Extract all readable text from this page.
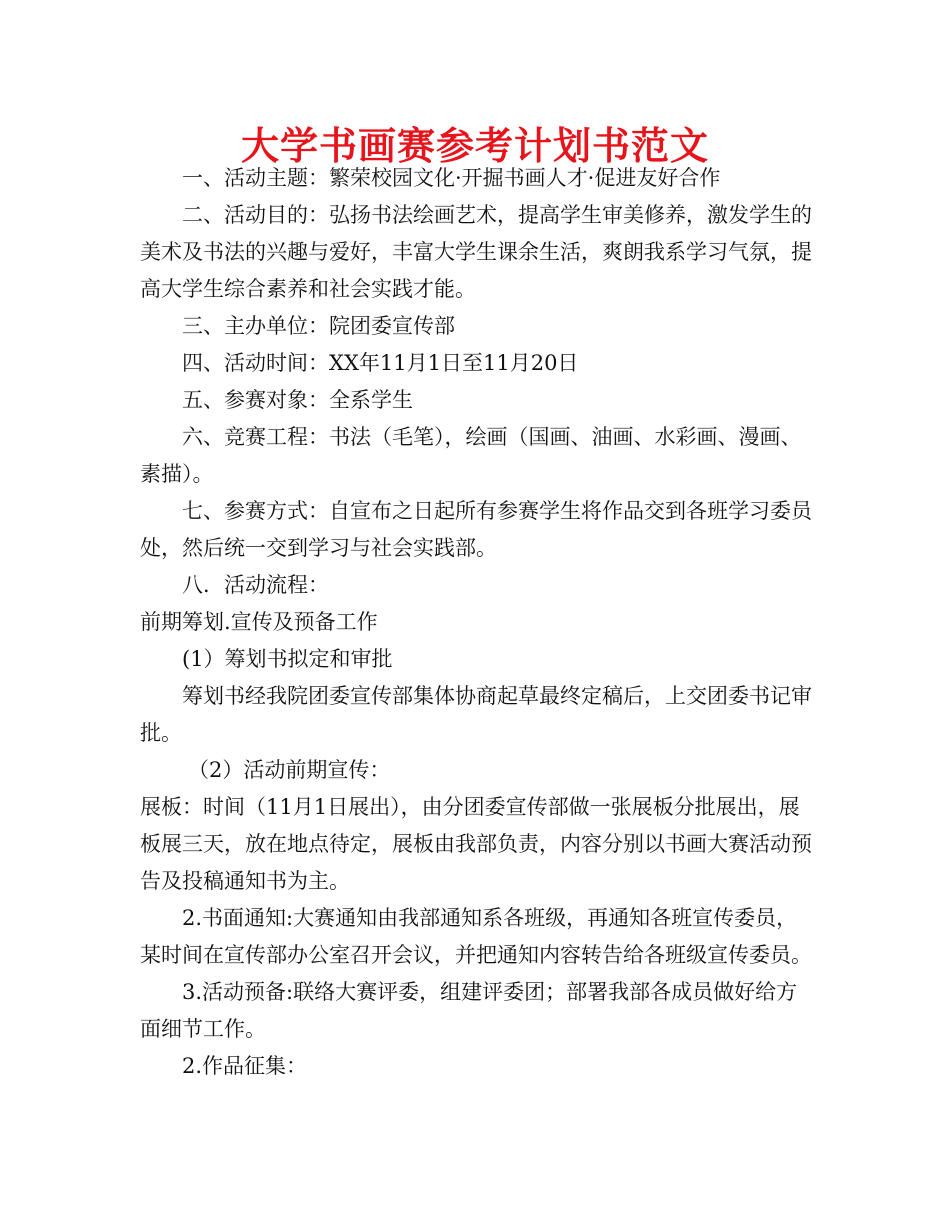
大学书画赛参考计划书范文

一、活动主题：繁荣校园文化·开掘书画人才·促进友好合作

二、活动目的：弘扬书法绘画艺术，提高学生审美修养，激发学生的美术及书法的兴趣与爱好，丰富大学生课余生活，爽朗我系学习气氛，提高大学生综合素养和社会实践才能。

三、主办单位：院团委宣传部

四、活动时间：XX年11月1日至11月20日

五、参赛对象：全系学生

六、竞赛工程：书法（毛笔），绘画（国画、油画、水彩画、漫画、素描）。

七、参赛方式：自宣布之日起所有参赛学生将作品交到各班学习委员处，然后统一交到学习与社会实践部。

八．活动流程：

前期筹划.宣传及预备工作

(1）筹划书拟定和审批

筹划书经我院团委宣传部集体协商起草最终定稿后，上交团委书记审批。

（2）活动前期宣传：

展板：时间（11月1日展出），由分团委宣传部做一张展板分批展出，展板展三天，放在地点待定，展板由我部负责，内容分别以书画大赛活动预告及投稿通知书为主。

2.书面通知:大赛通知由我部通知系各班级，再通知各班宣传委员，某时间在宣传部办公室召开会议，并把通知内容转告给各班级宣传委员。

3.活动预备:联络大赛评委，组建评委团；部署我部各成员做好给方面细节工作。

2.作品征集：
